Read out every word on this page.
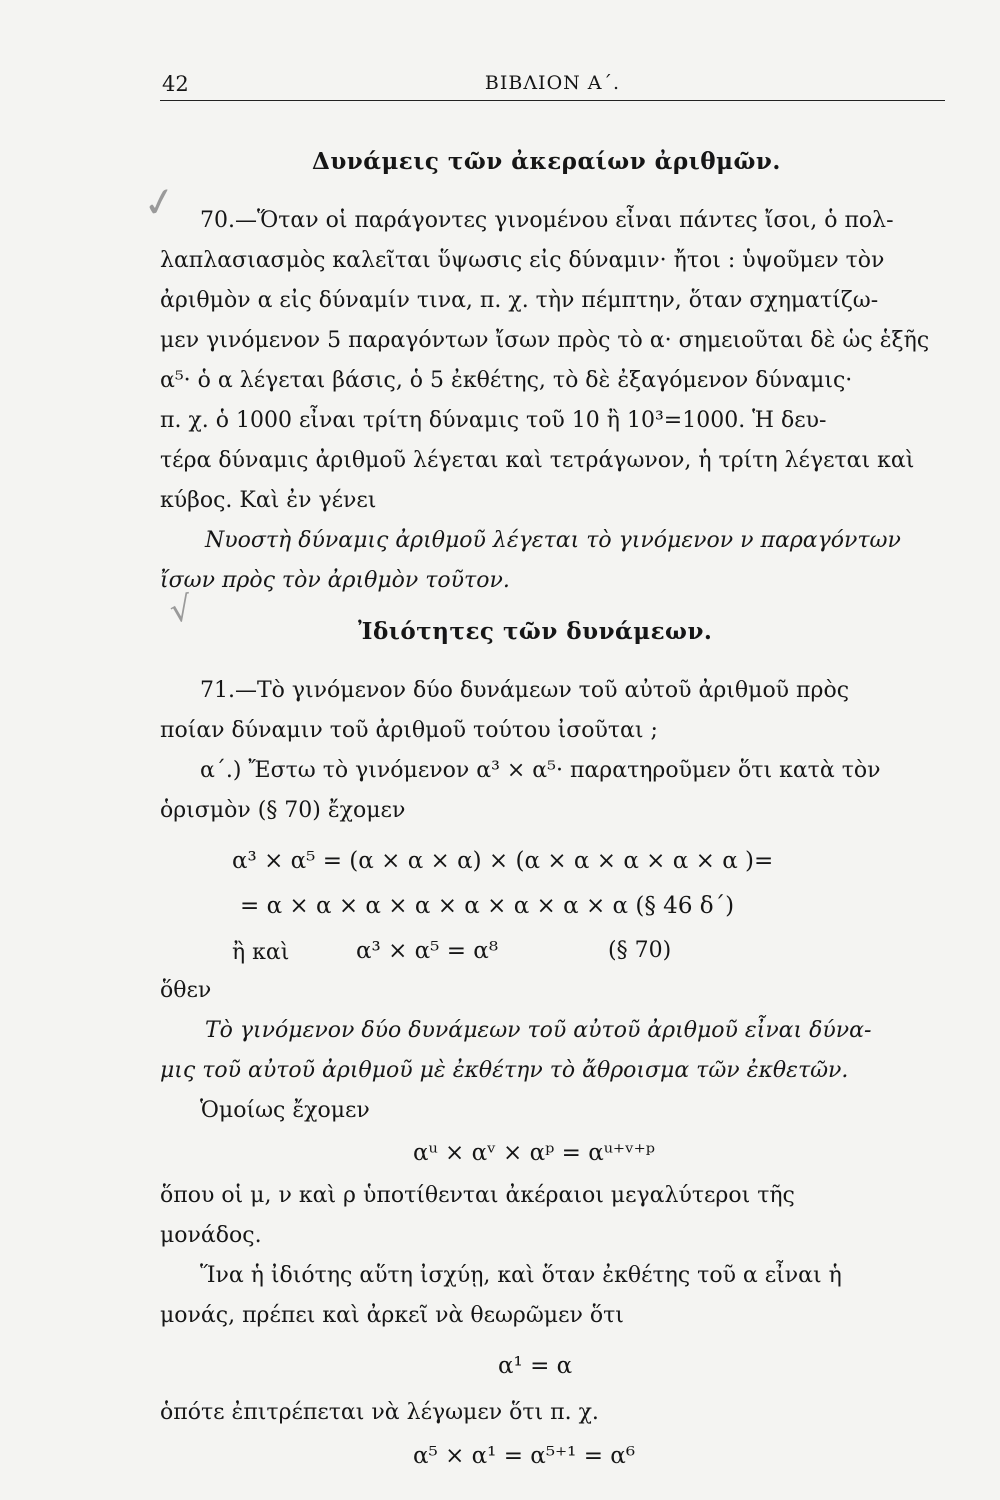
42	ΒΙΒΛΙΟΝ Α΄.
✓
√
Δυνάμεις τῶν ἀκεραίων ἀριθμῶν.
70.—Ὅταν οἱ παράγοντες γινομένου εἶναι πάντες ἴσοι, ὁ πολ-
λαπλασιασμὸς καλεῖται ὕψωσις εἰς δύναμιν· ἤτοι : ὑψοῦμεν τὸν
ἀριθμὸν α εἰς δύναμίν τινα, π. χ. τὴν πέμπτην, ὅταν σχηματίζω-
μεν γινόμενον 5 παραγόντων ἴσων πρὸς τὸ α· σημειοῦται δὲ ὡς ἑξῆς
α⁵· ὁ α λέγεται βάσις, ὁ 5 ἐκθέτης, τὸ δὲ ἐξαγόμενον δύναμις·
π. χ. ὁ 1000 εἶναι τρίτη δύναμις τοῦ 10 ἢ 10³=1000. Ἡ δευ-
τέρα δύναμις ἀριθμοῦ λέγεται καὶ τετράγωνον, ἡ τρίτη λέγεται καὶ
κύβος. Καὶ ἐν γένει
Νυοστὴ δύναμις ἀριθμοῦ λέγεται τὸ γινόμενον ν παραγόντων
ἴσων πρὸς τὸν ἀριθμὸν τοῦτον.
Ἰδιότητες τῶν δυνάμεων.
71.—Τὸ γινόμενον δύο δυνάμεων τοῦ αὐτοῦ ἀριθμοῦ πρὸς
ποίαν δύναμιν τοῦ ἀριθμοῦ τούτου ἰσοῦται ;
α΄.) Ἔστω τὸ γινόμενον α³ × α⁵· παρατηροῦμεν ὅτι κατὰ τὸν
ὁρισμὸν (§ 70) ἔχομεν
α³ × α⁵ = (α × α × α) × (α × α × α × α × α )=
= α × α × α × α × α × α × α × α (§ 46 δ΄)
ἢ καὶ	α³ × α⁵ = α⁸	(§ 70)
ὅθεν
Τὸ γινόμενον δύο δυνάμεων τοῦ αὐτοῦ ἀριθμοῦ εἶναι δύνα-
μις τοῦ αὐτοῦ ἀριθμοῦ μὲ ἐκθέτην τὸ ἄθροισμα τῶν ἐκθετῶν.
Ὁμοίως ἔχομεν
αᵘ × αᵛ × αᵖ = αᵘ⁺ᵛ⁺ᵖ
ὅπου οἱ μ, ν καὶ ρ ὑποτίθενται ἀκέραιοι μεγαλύτεροι τῆς
μονάδος.
Ἵνα ἡ ἰδιότης αὕτη ἰσχύῃ, καὶ ὅταν ἐκθέτης τοῦ α εἶναι ἡ
μονάς, πρέπει καὶ ἀρκεῖ νὰ θεωρῶμεν ὅτι
α¹ = α
ὁπότε ἐπιτρέπεται νὰ λέγωμεν ὅτι π. χ.
α⁵ × α¹ = α⁵⁺¹ = α⁶
